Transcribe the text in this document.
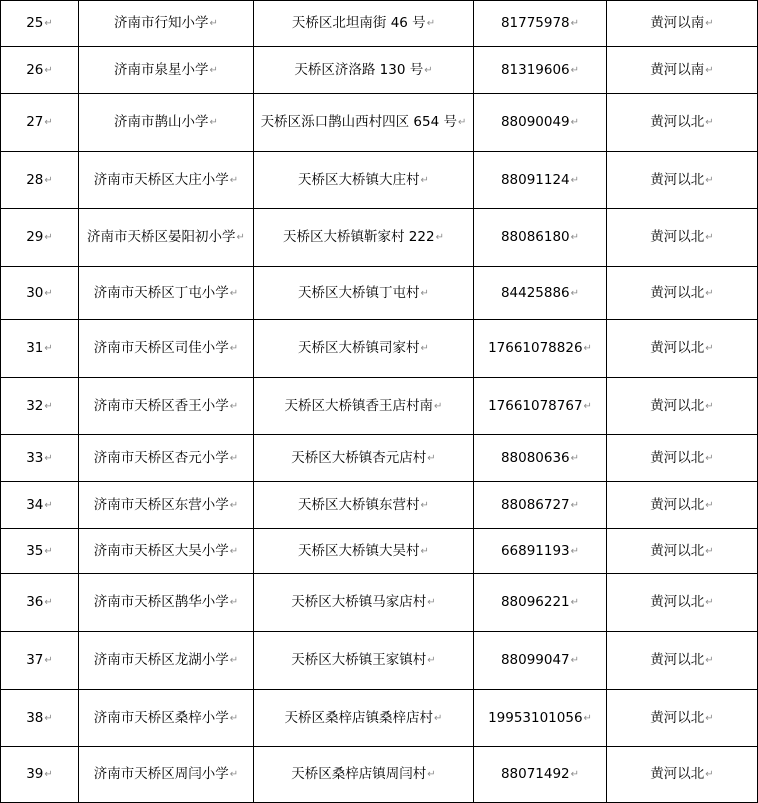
25↵	济南市行知小学↵	天桥区北坦南街 46 号↵	81775978↵	黄河以南↵
26↵	济南市泉星小学↵	天桥区济洛路 130 号↵	81319606↵	黄河以南↵
27↵	济南市鹊山小学↵	天桥区泺口鹊山西村四区 654 号↵	88090049↵	黄河以北↵
28↵	济南市天桥区大庄小学↵	天桥区大桥镇大庄村↵	88091124↵	黄河以北↵
29↵	济南市天桥区晏阳初小学↵	天桥区大桥镇靳家村 222↵	88086180↵	黄河以北↵
30↵	济南市天桥区丁屯小学↵	天桥区大桥镇丁屯村↵	84425886↵	黄河以北↵
31↵	济南市天桥区司佳小学↵	天桥区大桥镇司家村↵	17661078826↵	黄河以北↵
32↵	济南市天桥区香王小学↵	天桥区大桥镇香王店村南↵	17661078767↵	黄河以北↵
33↵	济南市天桥区杏元小学↵	天桥区大桥镇杏元店村↵	88080636↵	黄河以北↵
34↵	济南市天桥区东营小学↵	天桥区大桥镇东营村↵	88086727↵	黄河以北↵
35↵	济南市天桥区大吴小学↵	天桥区大桥镇大吴村↵	66891193↵	黄河以北↵
36↵	济南市天桥区鹊华小学↵	天桥区大桥镇马家店村↵	88096221↵	黄河以北↵
37↵	济南市天桥区龙湖小学↵	天桥区大桥镇王家镇村↵	88099047↵	黄河以北↵
38↵	济南市天桥区桑梓小学↵	天桥区桑梓店镇桑梓店村↵	19953101056↵	黄河以北↵
39↵	济南市天桥区周闫小学↵	天桥区桑梓店镇周闫村↵	88071492↵	黄河以北↵
